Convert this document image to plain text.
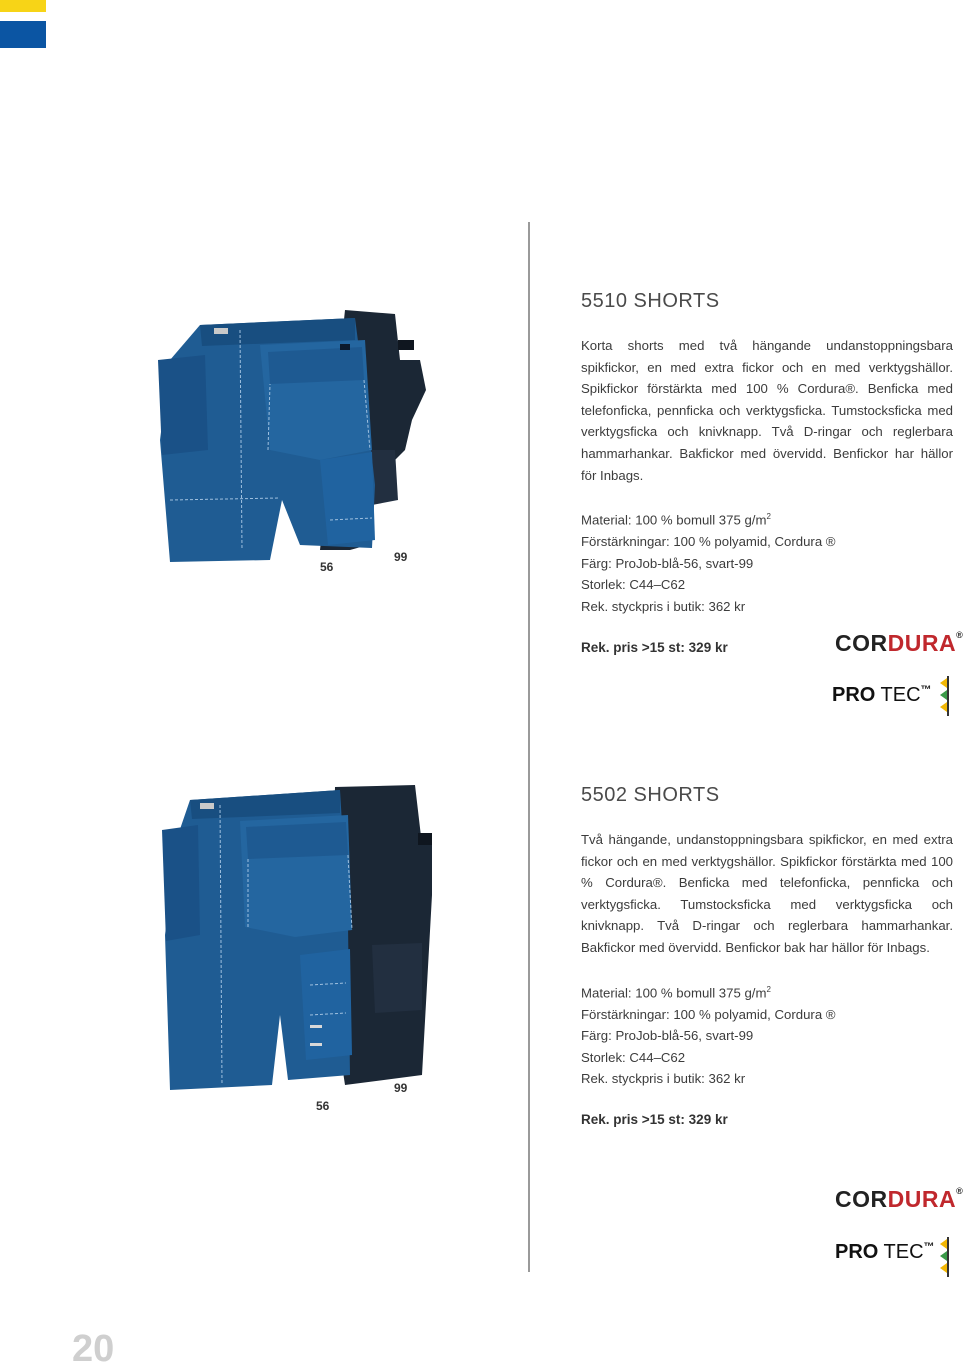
56
99
5510 SHORTS

Korta shorts med två hängande undanstoppningsbara spikfickor, en med extra fickor och en med verktygshällor. Spikfickor förstärkta med 100 % Cordura®. Benficka med telefonficka, pennficka och verktygsficka. Tumstocksficka med verktygsficka och knivknapp. Två D-ringar och reglerbara hammarhankar. Bakfickor med övervidd. Benfickor har hällor för Inbags.

Material: 100 % bomull 375 $g/m^2$

Förstärkningar: 100 % polyamid, Cordura ®

Färg: ProJob-blå-56, svart-99

Storlek: C44–C62

Rek. styckpris i butik: 362 kr

Rek. pris >15 st: 329 kr	CORDURA®
PRO TEC™
56
99
5502 SHORTS

Två hängande, undanstoppningsbara spikfickor, en med extra fickor och en med verktygshällor. Spikfickor förstärkta med 100 % Cordura®. Benficka med telefonficka, pennficka och verktygsficka. Tumstocksficka med verktygsficka och knivknapp. Två D-ringar och reglerbara hammarhankar. Bakfickor med övervidd. Benfickor bak har hällor för Inbags.

Material: 100 % bomull 375 $g/m^2$

Förstärkningar: 100 % polyamid, Cordura ®

Färg: ProJob-blå-56, svart-99

Storlek: C44–C62

Rek. styckpris i butik: 362 kr

Rek. pris >15 st: 329 kr
CORDURA®
PRO TEC™
20
